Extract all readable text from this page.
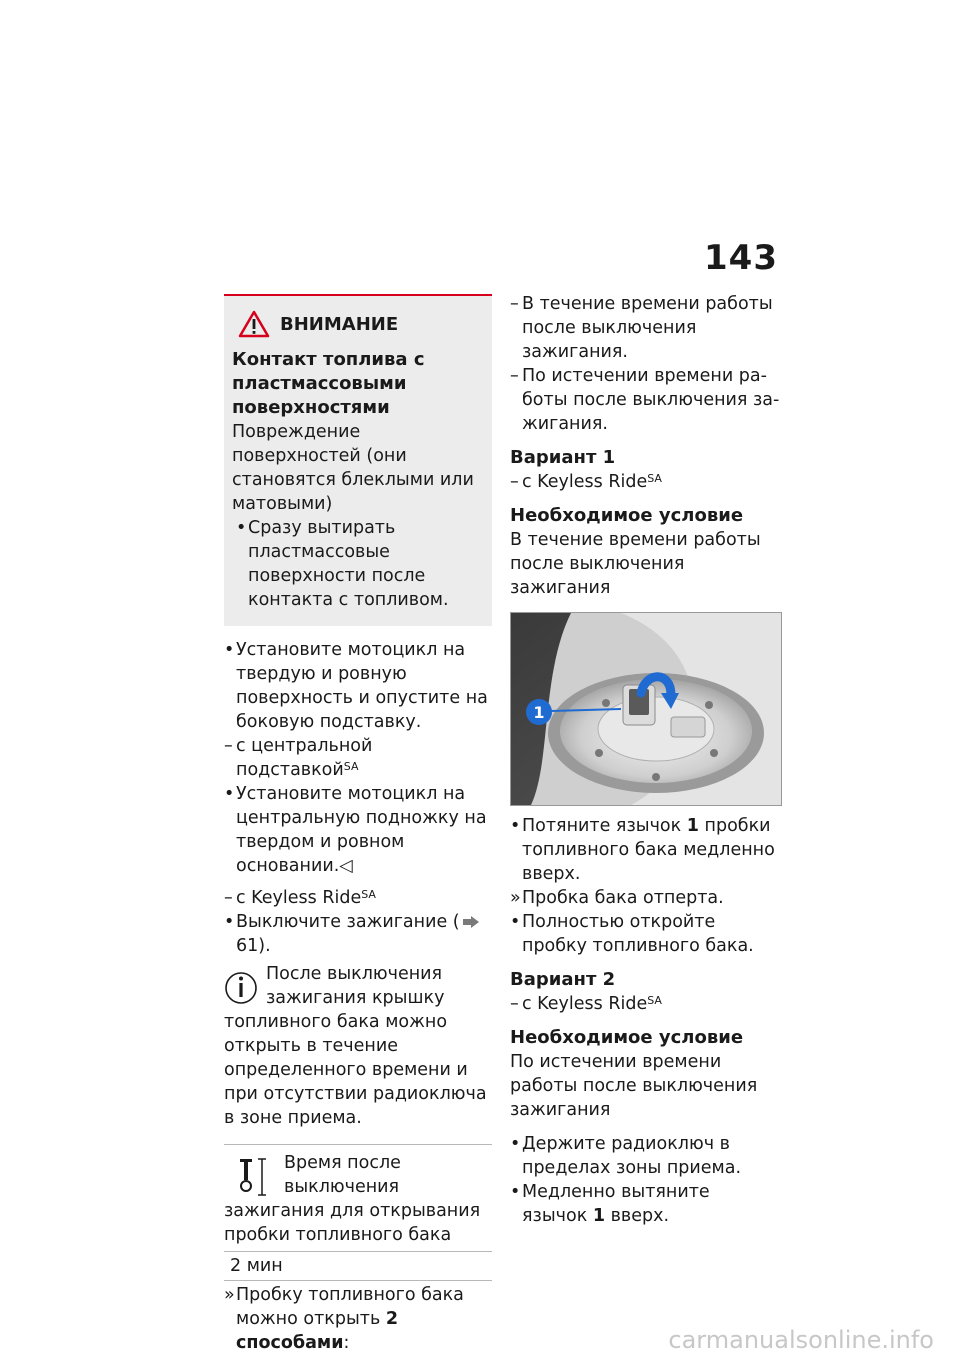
143
ВНИМАНИЕ
Контакт топлива с пластмассовыми поверхностями
Повреждение поверхностей (они становятся блеклыми или матовыми)
• Сразу вытирать пластмассовые поверхности после контакта с топливом.
• Установите мотоцикл на твердую и ровную поверхность и опустите на боковую подставку.
– с центральной подставкой$^{SA}$
• Установите мотоцикл на центральную подножку на твердом и ровном основании.◁
– с Keyless Ride$^{SA}$
• Выключите зажигание (61).
После выключения зажигания крышку топливного бака можно открыть в течение определенного времени и при отсутствии радиоключа в зоне приема.
Время после выключения зажигания для открывания пробки топливного бака
2 мин
» Пробку топливного бака можно открыть 2 способами:
– В течение времени работы после выключения зажигания.
– По истечении времени работы после выключения зажигания.
Вариант 1
– с Keyless Ride$^{SA}$
Необходимое условие
В течение времени работы после выключения зажигания
1
• Потяните язычок 1 пробки топливного бака медленно вверх.
» Пробка бака отперта.
• Полностью откройте пробку топливного бака.
Вариант 2
– с Keyless Ride$^{SA}$
Необходимое условие
По истечении времени работы после выключения зажигания
• Держите радиоключ в пределах зоны приема.
• Медленно вытяните язычок 1 вверх.
carmanualsonline.info
